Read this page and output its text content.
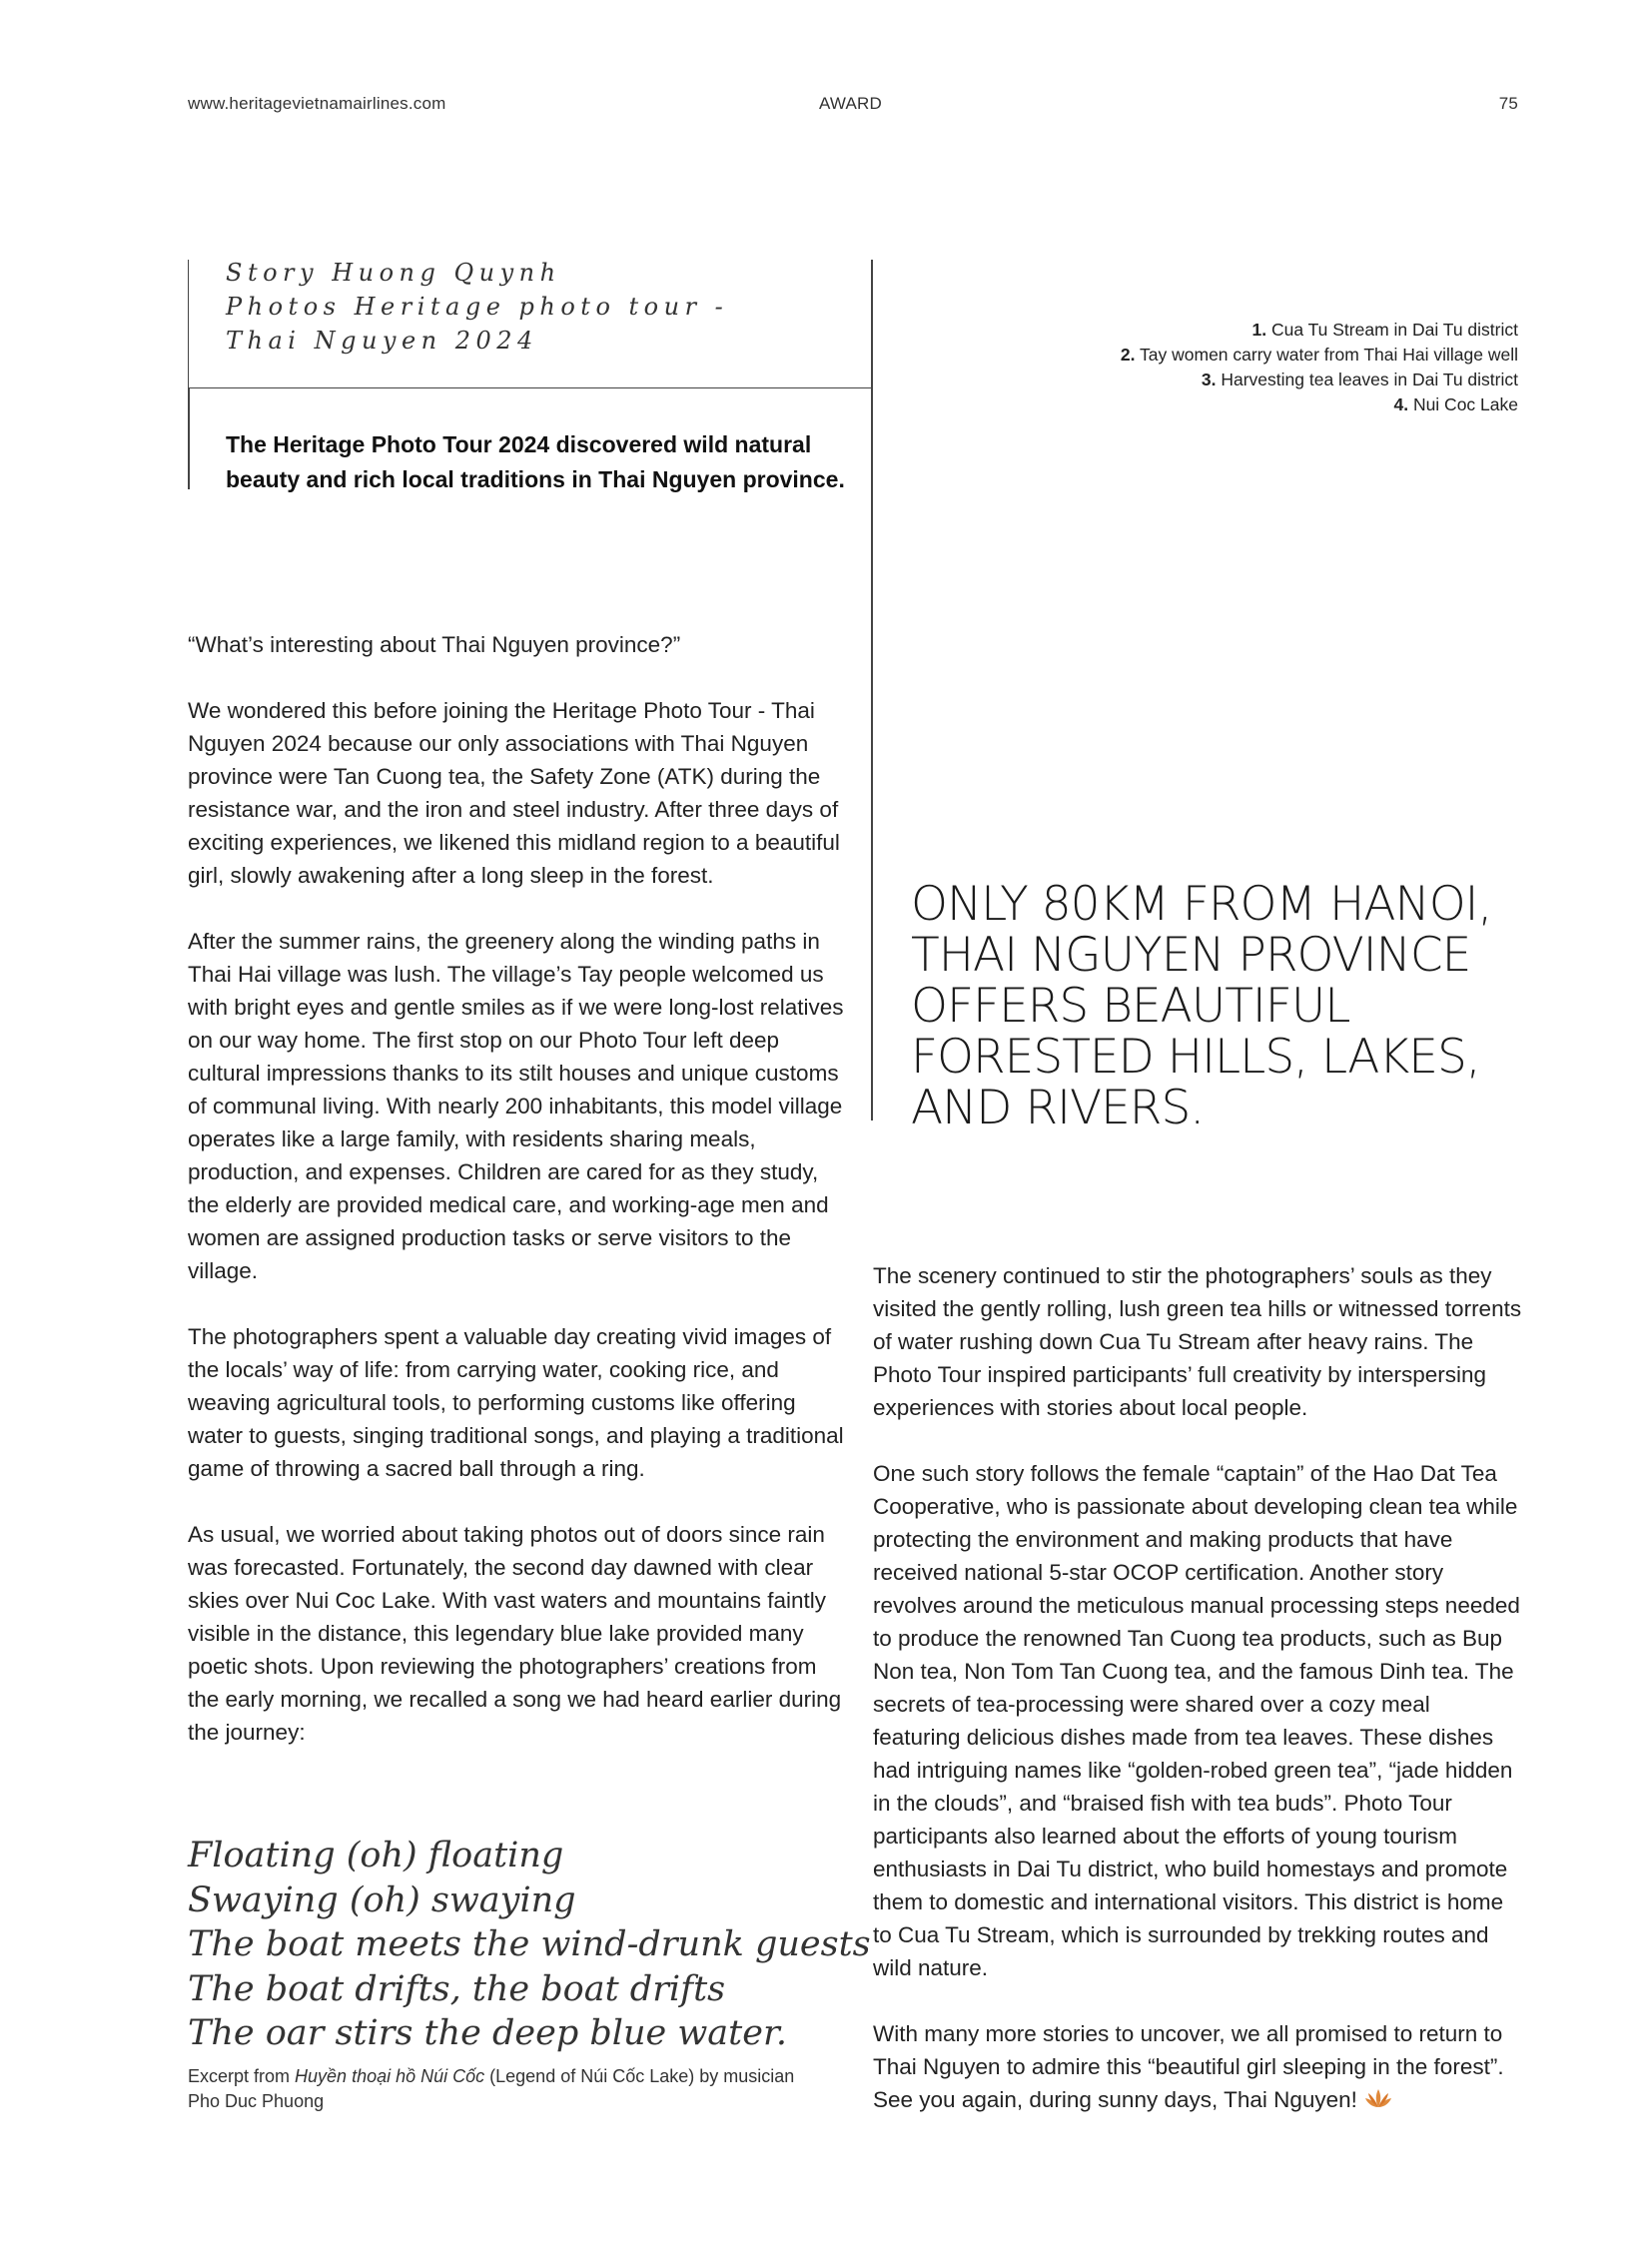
www.heritagevietnamairlines.com	AWARD	75
Story Huong Quynh
Photos Heritage photo tour -
Thai Nguyen 2024
The Heritage Photo Tour 2024 discovered wild natural beauty and rich local traditions in Thai Nguyen province.
1. Cua Tu Stream in Dai Tu district
2. Tay women carry water from Thai Hai village well
3. Harvesting tea leaves in Dai Tu district
4. Nui Coc Lake

“What’s interesting about Thai Nguyen province?”

We wondered this before joining the Heritage Photo Tour - Thai Nguyen 2024 because our only associations with Thai Nguyen province were Tan Cuong tea, the Safety Zone (ATK) during the resistance war, and the iron and steel industry. After three days of exciting experiences, we likened this midland region to a beautiful girl, slowly awakening after a long sleep in the forest.

After the summer rains, the greenery along the winding paths in Thai Hai village was lush. The village’s Tay people welcomed us with bright eyes and gentle smiles as if we were long-lost relatives on our way home. The first stop on our Photo Tour left deep cultural impressions thanks to its stilt houses and unique customs of communal living. With nearly 200 inhabitants, this model village operates like a large family, with residents sharing meals, production, and expenses. Children are cared for as they study, the elderly are provided medical care, and working-age men and women are assigned production tasks or serve visitors to the village.

The photographers spent a valuable day creating vivid images of the locals’ way of life: from carrying water, cooking rice, and weaving agricultural tools, to performing customs like offering water to guests, singing traditional songs, and playing a traditional game of throwing a sacred ball through a ring.

As usual, we worried about taking photos out of doors since rain was forecasted. Fortunately, the second day dawned with clear skies over Nui Coc Lake. With vast waters and mountains faintly visible in the distance, this legendary blue lake provided many poetic shots. Upon reviewing the photographers’ creations from the early morning, we recalled a song we had heard earlier during the journey:

ONLY 80KM FROM HANOI, THAI NGUYEN PROVINCE OFFERS BEAUTIFUL FORESTED HILLS, LAKES, AND RIVERS.
Floating (oh) floating
Swaying (oh) swaying
The boat meets the wind-drunk guests
The boat drifts, the boat drifts
The oar stirs the deep blue water.
Excerpt from Huyền thoại hồ Núi Cốc (Legend of Núi Cốc Lake) by musician Pho Duc Phuong

The scenery continued to stir the photographers’ souls as they visited the gently rolling, lush green tea hills or witnessed torrents of water rushing down Cua Tu Stream after heavy rains. The Photo Tour inspired participants’ full creativity by interspersing experiences with stories about local people.

One such story follows the female “captain” of the Hao Dat Tea Cooperative, who is passionate about developing clean tea while protecting the environment and making products that have received national 5-star OCOP certification. Another story revolves around the meticulous manual processing steps needed to produce the renowned Tan Cuong tea products, such as Bup Non tea, Non Tom Tan Cuong tea, and the famous Dinh tea. The secrets of tea-processing were shared over a cozy meal featuring delicious dishes made from tea leaves. These dishes had intriguing names like “golden-robed green tea”, “jade hidden in the clouds”, and “braised fish with tea buds”. Photo Tour participants also learned about the efforts of young tourism enthusiasts in Dai Tu district, who build homestays and promote them to domestic and international visitors. This district is home to Cua Tu Stream, which is surrounded by trekking routes and wild nature.

With many more stories to uncover, we all promised to return to Thai Nguyen to admire this “beautiful girl sleeping in the forest”. See you again, during sunny days, Thai Nguyen!
